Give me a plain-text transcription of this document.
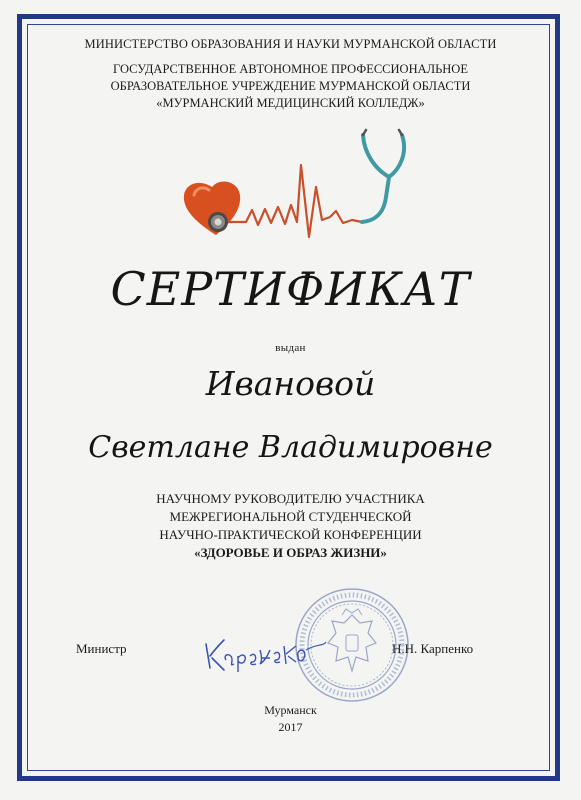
МИНИСТЕРСТВО ОБРАЗОВАНИЯ И НАУКИ МУРМАНСКОЙ ОБЛАСТИ
ГОСУДАРСТВЕННОЕ АВТОНОМНОЕ ПРОФЕССИОНАЛЬНОЕ
ОБРАЗОВАТЕЛЬНОЕ УЧРЕЖДЕНИЕ МУРМАНСКОЙ ОБЛАСТИ
«МУРМАНСКИЙ МЕДИЦИНСКИЙ КОЛЛЕДЖ»
СЕРТИФИКАТ
выдан
Ивановой
Светлане Владимировне
НАУЧНОМУ РУКОВОДИТЕЛЮ УЧАСТНИКА
МЕЖРЕГИОНАЛЬНОЙ СТУДЕНЧЕСКОЙ
НАУЧНО-ПРАКТИЧЕСКОЙ КОНФЕРЕНЦИИ
«ЗДОРОВЬЕ И ОБРАЗ ЖИЗНИ»
Министр	Н.Н. Карпенко
Мурманск
2017
